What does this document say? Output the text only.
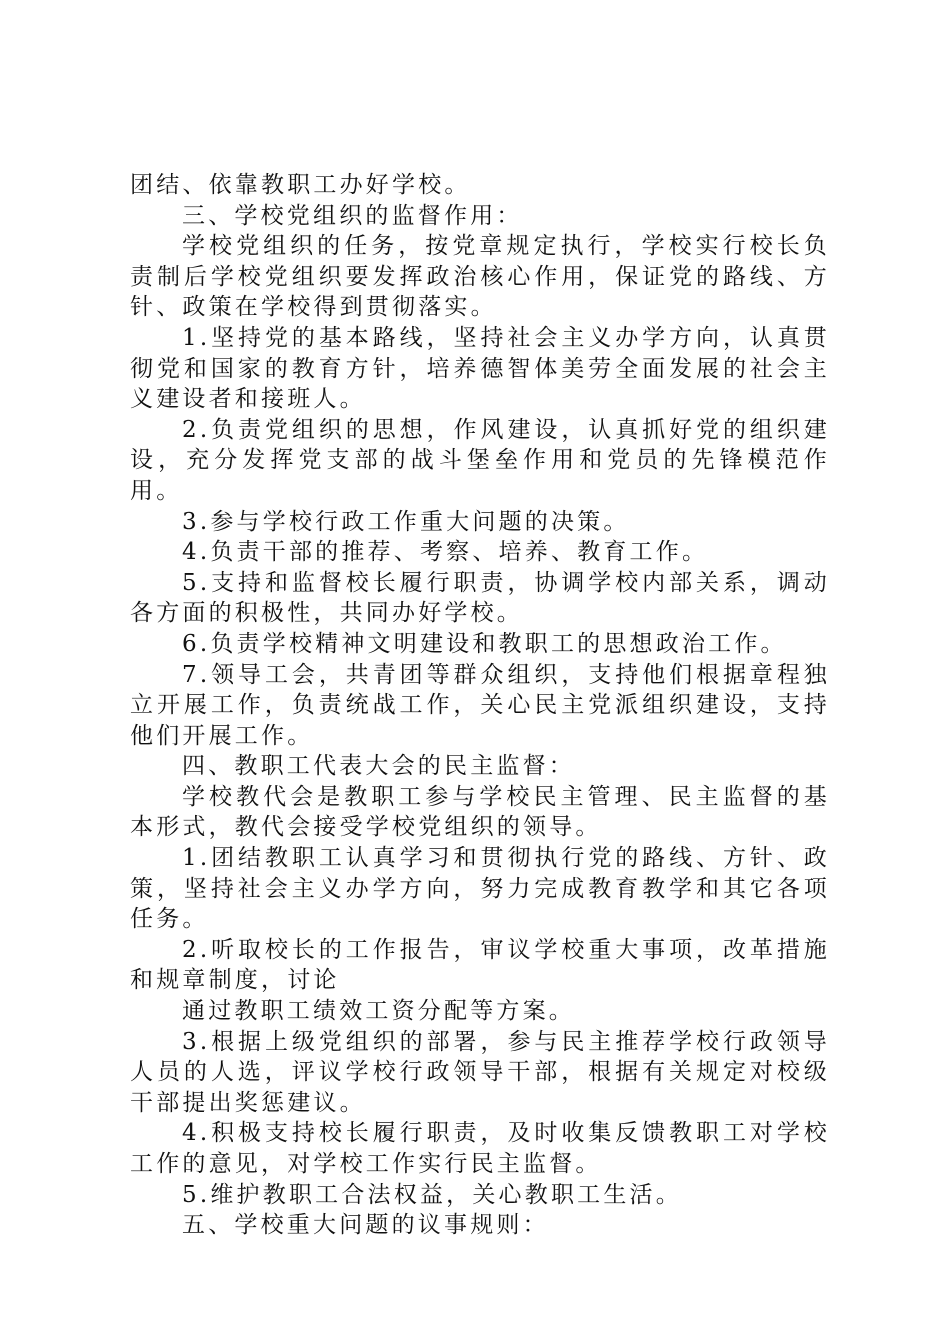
团结、依靠教职工办好学校。

三、学校党组织的监督作用：

学校党组织的任务，按党章规定执行，学校实行校长负责制后学校党组织要发挥政治核心作用，保证党的路线、方针、政策在学校得到贯彻落实。

1.坚持党的基本路线，坚持社会主义办学方向，认真贯彻党和国家的教育方针，培养德智体美劳全面发展的社会主义建设者和接班人。

2.负责党组织的思想，作风建设，认真抓好党的组织建设，充分发挥党支部的战斗堡垒作用和党员的先锋模范作用。

3.参与学校行政工作重大问题的决策。

4.负责干部的推荐、考察、培养、教育工作。

5.支持和监督校长履行职责，协调学校内部关系，调动各方面的积极性，共同办好学校。

6.负责学校精神文明建设和教职工的思想政治工作。

7.领导工会，共青团等群众组织，支持他们根据章程独立开展工作，负责统战工作，关心民主党派组织建设，支持他们开展工作。

四、教职工代表大会的民主监督：

学校教代会是教职工参与学校民主管理、民主监督的基本形式，教代会接受学校党组织的领导。

1.团结教职工认真学习和贯彻执行党的路线、方针、政策，坚持社会主义办学方向，努力完成教育教学和其它各项任务。

2.听取校长的工作报告，审议学校重大事项，改革措施和规章制度，讨论

通过教职工绩效工资分配等方案。

3.根据上级党组织的部署，参与民主推荐学校行政领导人员的人选，评议学校行政领导干部，根据有关规定对校级干部提出奖惩建议。

4.积极支持校长履行职责，及时收集反馈教职工对学校工作的意见，对学校工作实行民主监督。

5.维护教职工合法权益，关心教职工生活。

五、学校重大问题的议事规则：
